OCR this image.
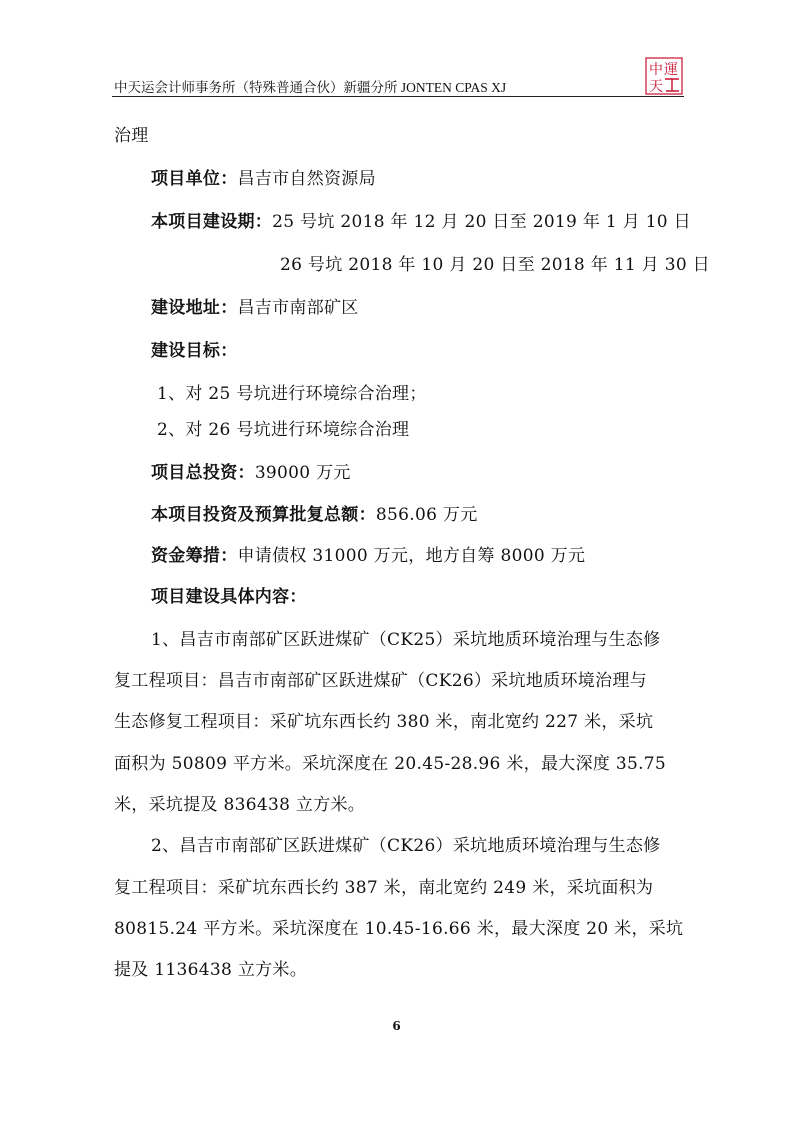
中天运会计师事务所（特殊普通合伙）新疆分所 JONTEN CPAS XJ
中 運
天
治理
项目单位：昌吉市自然资源局
本项目建设期：25 号坑 2018 年 12 月 20 日至 2019 年 1 月 10 日
26 号坑 2018 年 10 月 20 日至 2018 年 11 月 30 日
建设地址：昌吉市南部矿区
建设目标：
1、对 25 号坑进行环境综合治理；
2、对 26 号坑进行环境综合治理
项目总投资：39000 万元
本项目投资及预算批复总额：856.06 万元
资金筹措：申请债权 31000 万元，地方自筹 8000 万元
项目建设具体内容：
1、昌吉市南部矿区跃进煤矿（CK25）采坑地质环境治理与生态修
复工程项目：昌吉市南部矿区跃进煤矿（CK26）采坑地质环境治理与
生态修复工程项目：采矿坑东西长约 380 米，南北宽约 227 米，采坑
面积为 50809 平方米。采坑深度在 20.45-28.96 米，最大深度 35.75
米，采坑提及 836438 立方米。
2、昌吉市南部矿区跃进煤矿（CK26）采坑地质环境治理与生态修
复工程项目：采矿坑东西长约 387 米，南北宽约 249 米，采坑面积为
80815.24 平方米。采坑深度在 10.45-16.66 米，最大深度 20 米，采坑
提及 1136438 立方米。
6
